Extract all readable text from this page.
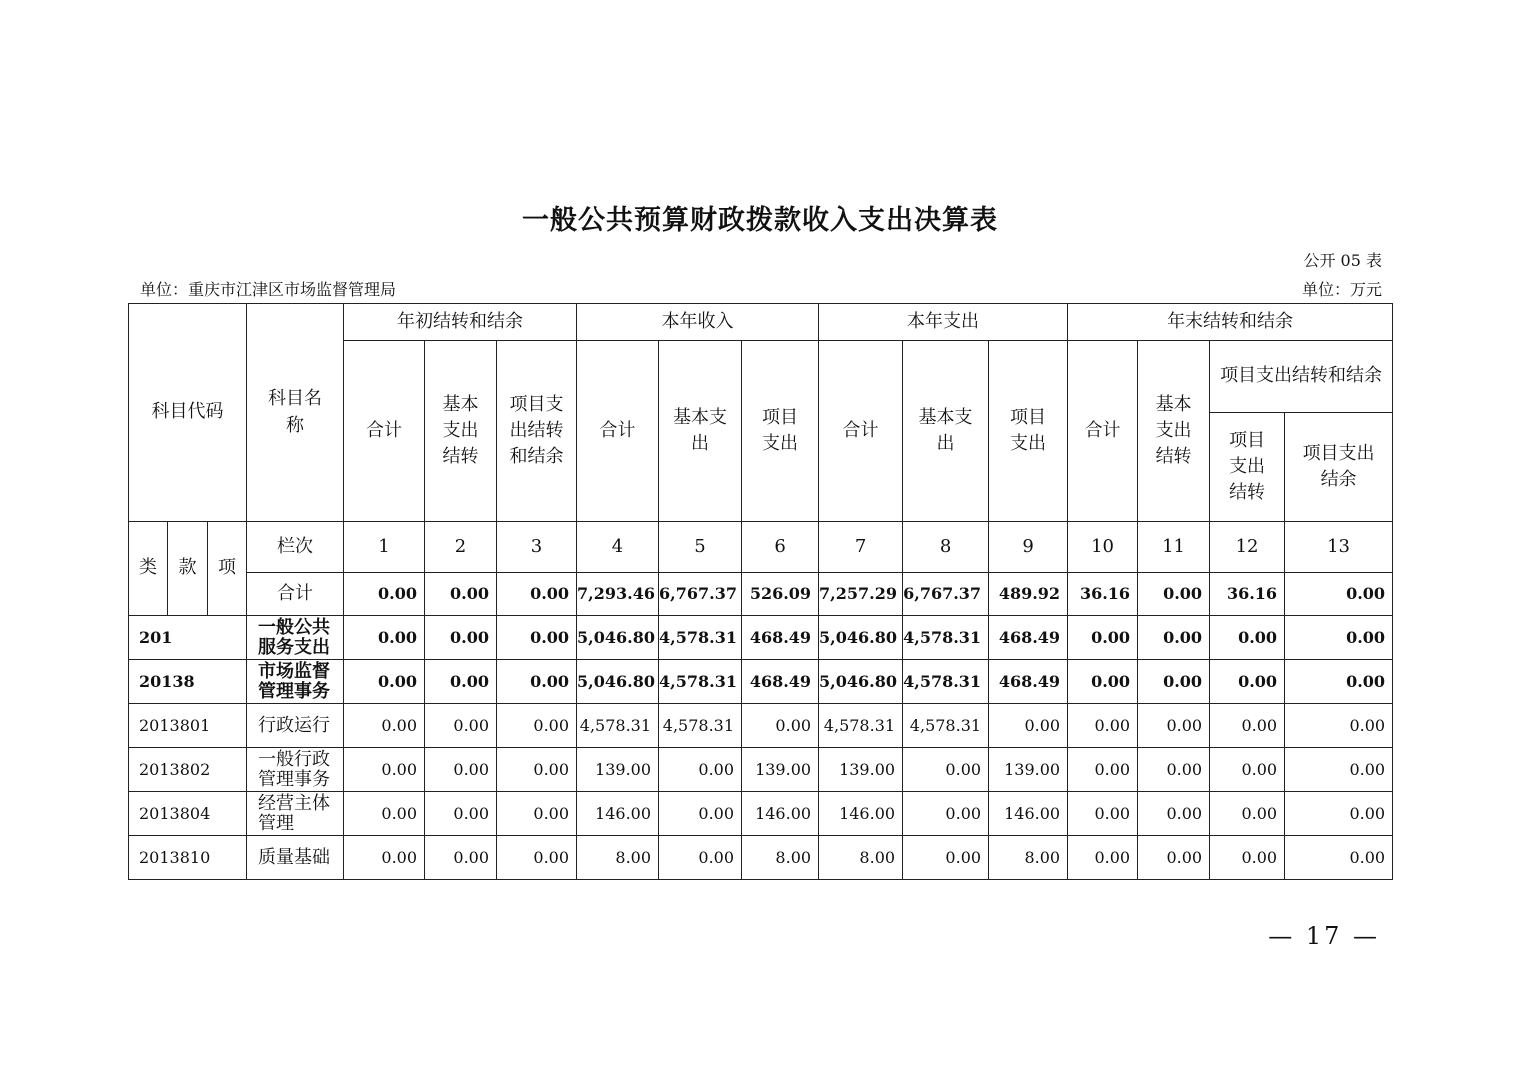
一般公共预算财政拨款收入支出决算表
公开 05 表
单位：重庆市江津区市场监督管理局	单位：万元
科目代码			科目名称	年初结转和结余			本年收入			本年支出			年末结转和结余			
				合计	基本支出结转	项目支出结转和结余	合计	基本支出	项目支出	合计	基本支出	项目支出	合计	基本支出结转	项目支出结转和结余	

															项目支出结转	项目支出结余

类	款	项	栏次	1	2	3	4	5	6	7	8	9	10	11	12	13
			合计	0.00	0.00	0.00	7,293.46	6,767.37	526.09	7,257.29	6,767.37	489.92	36.16	0.00	36.16	0.00
201			一般公共服务支出	0.00	0.00	0.00	5,046.80	4,578.31	468.49	5,046.80	4,578.31	468.49	0.00	0.00	0.00	0.00
20138			市场监督管理事务	0.00	0.00	0.00	5,046.80	4,578.31	468.49	5,046.80	4,578.31	468.49	0.00	0.00	0.00	0.00
2013801			行政运行	0.00	0.00	0.00	4,578.31	4,578.31	0.00	4,578.31	4,578.31	0.00	0.00	0.00	0.00	0.00
2013802			一般行政管理事务	0.00	0.00	0.00	139.00	0.00	139.00	139.00	0.00	139.00	0.00	0.00	0.00	0.00
2013804			经营主体管理	0.00	0.00	0.00	146.00	0.00	146.00	146.00	0.00	146.00	0.00	0.00	0.00	0.00
2013810			质量基础	0.00	0.00	0.00	8.00	0.00	8.00	8.00	0.00	8.00	0.00	0.00	0.00	0.00
— 17 —
